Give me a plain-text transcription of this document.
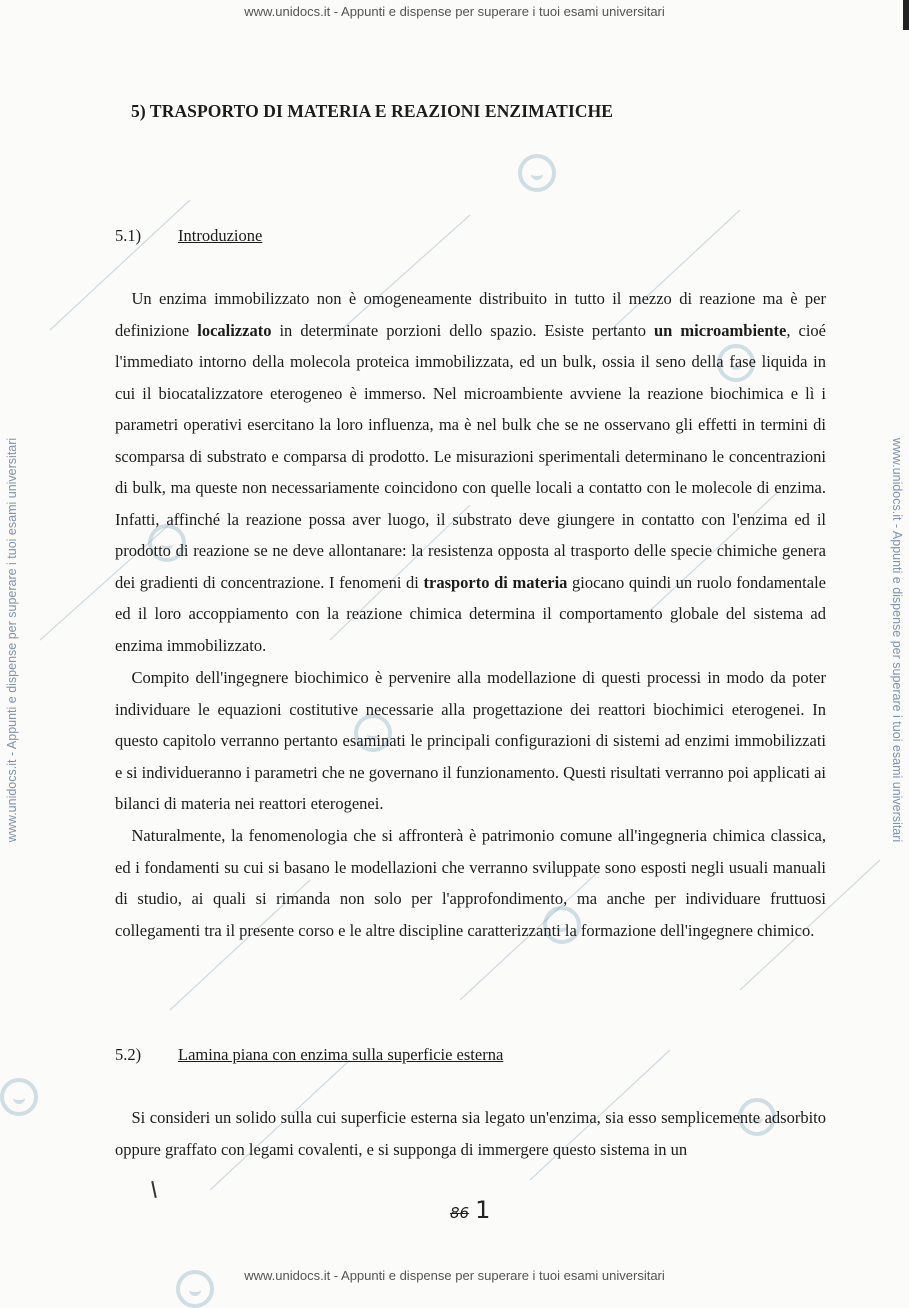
www.unidocs.it - Appunti e dispense per superare i tuoi esami universitari
www.unidocs.it - Appunti e dispense per superare i tuoi esami universitari	www.unidocs.it - Appunti e dispense per superare i tuoi esami universitari
5) TRASPORTO DI MATERIA E REAZIONI ENZIMATICHE
5.1) Introduzione

 Un enzima immobilizzato non è omogeneamente distribuito in tutto il mezzo di reazione ma è per definizione localizzato in determinate porzioni dello spazio. Esiste pertanto un microambiente, cioé l'immediato intorno della molecola proteica immobilizzata, ed un bulk, ossia il seno della fase liquida in cui il biocatalizzatore eterogeneo è immerso. Nel microambiente avviene la reazione biochimica e lì i parametri operativi esercitano la loro influenza, ma è nel bulk che se ne osservano gli effetti in termini di scomparsa di substrato e comparsa di prodotto. Le misurazioni sperimentali determinano le concentrazioni di bulk, ma queste non necessariamente coincidono con quelle locali a contatto con le molecole di enzima. Infatti, affinché la reazione possa aver luogo, il substrato deve giungere in contatto con l'enzima ed il prodotto di reazione se ne deve allontanare: la resistenza opposta al trasporto delle specie chimiche genera dei gradienti di concentrazione. I fenomeni di trasporto di materia giocano quindi un ruolo fondamentale ed il loro accoppiamento con la reazione chimica determina il comportamento globale del sistema ad enzima immobilizzato.

 Compito dell'ingegnere biochimico è pervenire alla modellazione di questi processi in modo da poter individuare le equazioni costitutive necessarie alla progettazione dei reattori biochimici eterogenei. In questo capitolo verranno pertanto esaminati le principali configurazioni di sistemi ad enzimi immobilizzati e si individueranno i parametri che ne governano il funzionamento. Questi risultati verranno poi applicati ai bilanci di materia nei reattori eterogenei.

 Naturalmente, la fenomenologia che si affronterà è patrimonio comune all'ingegneria chimica classica, ed i fondamenti su cui si basano le modellazioni che verranno sviluppate sono esposti negli usuali manuali di studio, ai quali si rimanda non solo per l'approfondimento, ma anche per individuare fruttuosi collegamenti tra il presente corso e le altre discipline caratterizzanti la formazione dell'ingegnere chimico.

5.2) Lamina piana con enzima sulla superficie esterna

 Si consideri un solido sulla cui superficie esterna sia legato un'enzima, sia esso semplicemente adsorbito oppure graffato con legami covalenti, e si supponga di immergere questo sistema in un

86 1
www.unidocs.it - Appunti e dispense per superare i tuoi esami universitari
